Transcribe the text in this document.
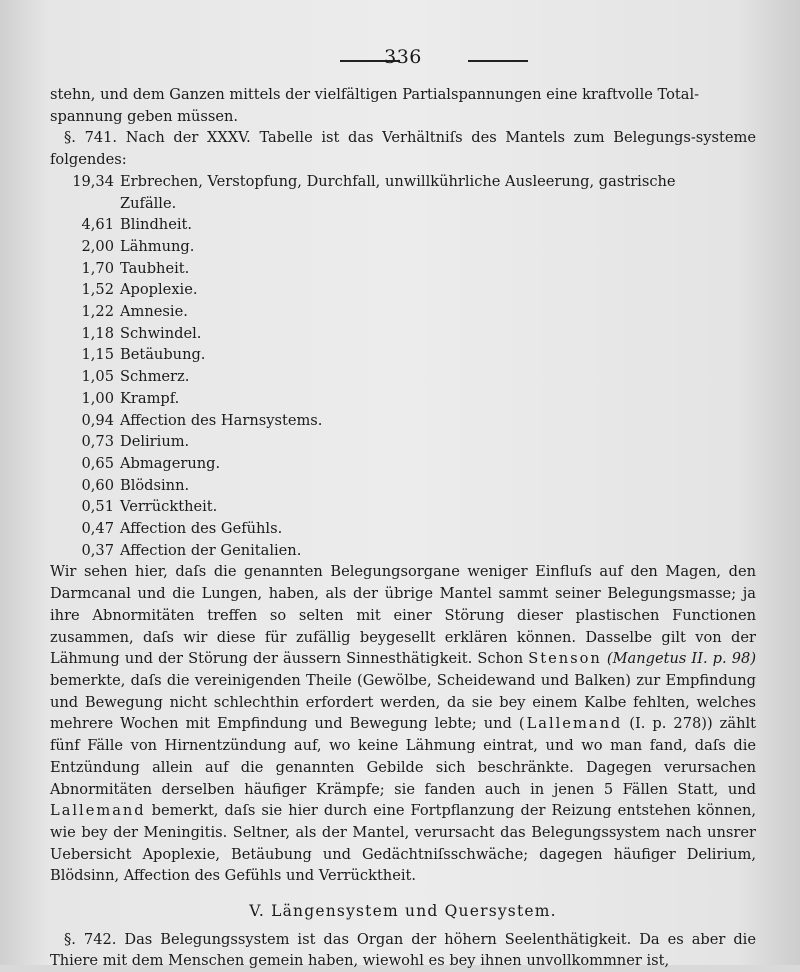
336

stehn, und dem Ganzen mittels der vielfältigen Partialspannungen eine kraftvolle Total-
spannung geben müssen.

§. 741. Nach der XXXV. Tabelle ist das Verhältniſs des Mantels zum Belegungs-systeme folgendes:

19,34 Erbrechen, Verstopfung, Durchfall, unwillkührliche Ausleerung, gastrische
Zufälle.
4,61 Blindheit.
2,00 Lähmung.
1,70 Taubheit.
1,52 Apoplexie.
1,22 Amnesie.
1,18 Schwindel.
1,15 Betäubung.
1,05 Schmerz.
1,00 Krampf.
0,94 Affection des Harnsystems.
0,73 Delirium.
0,65 Abmagerung.
0,60 Blödsinn.
0,51 Verrücktheit.
0,47 Affection des Gefühls.
0,37 Affection der Genitalien.

Wir sehen hier, daſs die genannten Belegungsorgane weniger Einfluſs auf den Magen, den Darmcanal und die Lungen, haben, als der übrige Mantel sammt seiner Belegungsmasse; ja ihre Abnormitäten treffen so selten mit einer Störung dieser plastischen Functionen zusammen, daſs wir diese für zufällig beygesellt erklären können. Dasselbe gilt von der Lähmung und der Störung der äussern Sinnesthätigkeit. Schon Stenson (Mangetus II. p. 98) bemerkte, daſs die vereinigenden Theile (Gewölbe, Scheidewand und Balken) zur Empfindung und Bewegung nicht schlechthin erfordert werden, da sie bey einem Kalbe fehlten, welches mehrere Wochen mit Empfindung und Bewegung lebte; und (Lallemand (I. p. 278)) zählt fünf Fälle von Hirnentzündung auf, wo keine Lähmung eintrat, und wo man fand, daſs die Entzündung allein auf die genannten Gebilde sich beschränkte. Dagegen verursachen Abnormitäten derselben häufiger Krämpfe; sie fanden auch in jenen 5 Fällen Statt, und Lallemand bemerkt, daſs sie hier durch eine Fortpflanzung der Reizung entstehen können, wie bey der Meningitis. Seltner, als der Mantel, verursacht das Belegungssystem nach unsrer Uebersicht Apoplexie, Betäubung und Gedächtniſsschwäche; dagegen häufiger Delirium, Blödsinn, Affection des Gefühls und Verrücktheit.

V. Längensystem und Quersystem.

§. 742. Das Belegungssystem ist das Organ der höhern Seelenthätigkeit. Da es aber die Thiere mit dem Menschen gemein haben, wiewohl es bey ihnen unvollkommner ist,
